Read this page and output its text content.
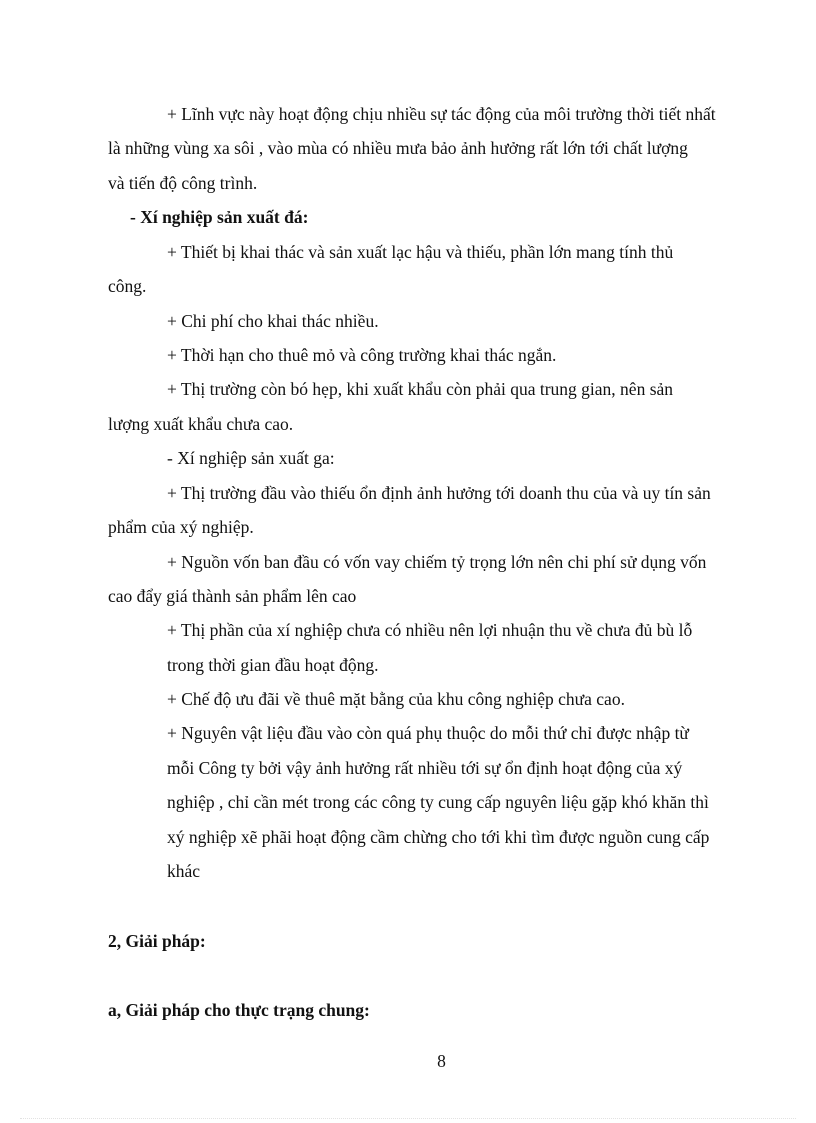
+ Lĩnh vực này hoạt động chịu nhiều sự tác động của môi trường thời tiết nhất
là những vùng xa sôi , vào mùa có nhiều mưa bảo ảnh hưởng rất lớn tới chất lượng
và tiến độ công trình.
- Xí nghiệp sản xuất đá:
+ Thiết bị khai thác và sản xuất lạc hậu và thiếu, phần lớn mang tính thủ
công.
+ Chi phí cho khai thác nhiều.
+ Thời hạn cho thuê mỏ và công trường khai thác ngắn.
+ Thị trường còn bó hẹp, khi xuất khẩu còn phải qua trung gian, nên sản
lượng xuất khẩu chưa cao.
- Xí nghiệp sản xuất ga:
+ Thị trường đầu vào thiếu ổn định ảnh hưởng tới doanh thu của và uy tín sản
phẩm của xý nghiệp.
+ Nguồn vốn ban đầu có vốn vay chiếm tỷ trọng lớn nên chi phí sử dụng vốn
cao đẩy giá thành sản phẩm lên cao
+ Thị phần của xí nghiệp chưa có nhiều nên lợi nhuận thu về chưa đủ bù lỗ
trong thời gian đầu hoạt động.
+ Chế độ ưu đãi về thuê mặt bằng của khu công nghiệp chưa cao.
+ Nguyên vật liệu đầu vào còn quá phụ thuộc do mỗi thứ chỉ được nhập từ
mỗi Công ty bởi vậy ảnh hưởng rất nhiều tới sự ổn định hoạt động của xý
nghiệp , chỉ cần mét trong các công ty cung cấp nguyên liệu gặp khó khăn thì
xý nghiệp xẽ phãi hoạt động cầm chừng cho tới khi tìm được nguồn cung cấp
khác
2, Giải pháp:
a, Giải pháp cho thực trạng chung:
8
